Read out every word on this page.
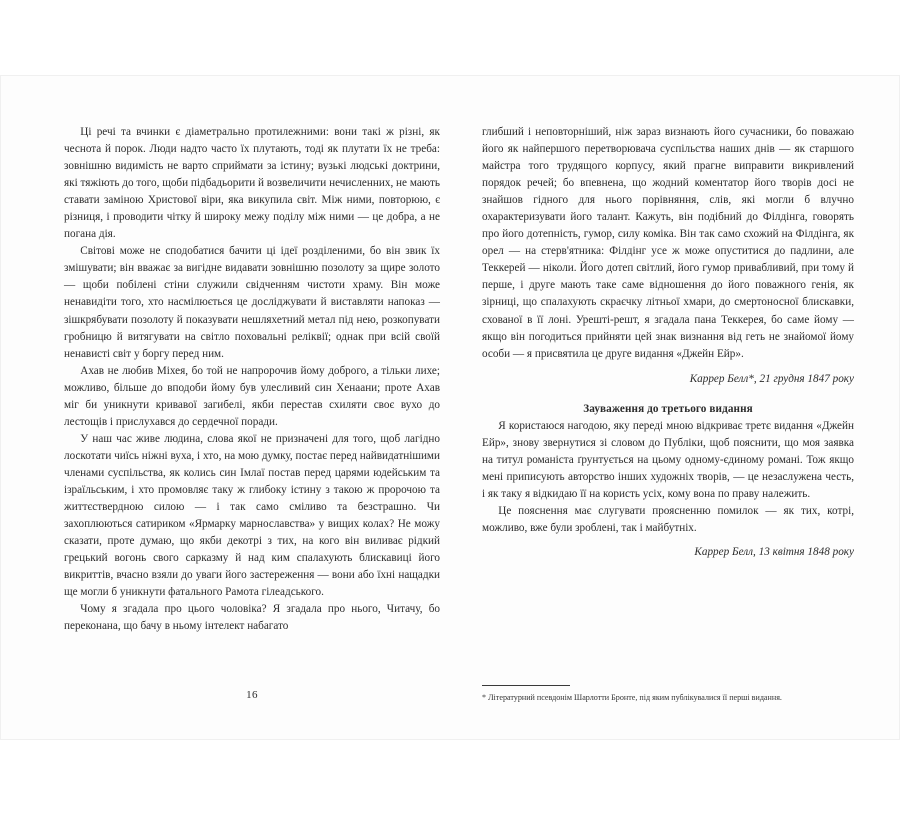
Ці речі та вчинки є діаметрально протилежними: вони такі ж різні, як чеснота й порок. Люди надто часто їх плутають, тоді як плутати їх не треба: зовнішню видимість не варто сприймати за істину; вузькі людські доктрини, які тяжіють до того, щоби підбадьорити й возвеличити нечисленних, не мають ставати заміною Христової віри, яка викупила світ. Між ними, повторюю, є різниця, і проводити чітку й широку межу поділу між ними — це добра, а не погана дія.

Світові може не сподобатися бачити ці ідеї розділеними, бо він звик їх змішувати; він вважає за вигідне видавати зовнішню позолоту за щире золото — щоби побілені стіни служили свідченням чистоти храму. Він може ненавидіти того, хто насмілюється це досліджувати й виставляти напоказ — зішкрябувати позолоту й показувати нешляхетний метал під нею, розкопувати гробницю й витягувати на світло поховальні реліквії; однак при всій своїй ненависті світ у боргу перед ним.

Ахав не любив Міхея, бо той не напророчив йому доброго, а тільки лихе; можливо, більше до вподоби йому був улесливий син Хенаани; проте Ахав міг би уникнути кривавої загибелі, якби перестав схиляти своє вухо до лестощів і прислухався до сердечної поради.

У наш час живе людина, слова якої не призначені для того, щоб лагідно лоскотати чиїсь ніжні вуха, і хто, на мою думку, постає перед найвидатнішими членами суспільства, як колись син Імлаї постав перед царями юдейським та ізраїльським, і хто промовляє таку ж глибоку істину з такою ж пророчою та життєствердною силою — і так само сміливо та безстрашно. Чи захоплюються сатириком «Ярмарку марнославства» у вищих колах? Не можу сказати, проте думаю, що якби декотрі з тих, на кого він виливає рідкий грецький вогонь свого сарказму й над ким спалахують блискавиці його викриттів, вчасно взяли до уваги його застереження — вони або їхні нащадки ще могли б уникнути фатального Рамота гілеадського.

Чому я згадала про цього чоловіка? Я згадала про нього, Читачу, бо переконана, що бачу в ньому інтелект набагато

16

глибший і неповторніший, ніж зараз визнають його сучасники, бо поважаю його як найпершого перетворювача суспільства наших днів — як старшого майстра того трудящого корпусу, який прагне виправити викривлений порядок речей; бо впевнена, що жодний коментатор його творів досі не знайшов гідного для нього порівняння, слів, які могли б влучно охарактеризувати його талант. Кажуть, він подібний до Філдінга, говорять про його дотепність, гумор, силу коміка. Він так само схожий на Філдінга, як орел — на стерв'ятника: Філдінг усе ж може опуститися до падлини, але Теккерей — ніколи. Його дотеп світлий, його гумор привабливий, при тому й перше, і друге мають таке саме відношення до його поважного генія, як зірниці, що спалахують скраєчку літньої хмари, до смертоносної блискавки, схованої в її лоні. Урешті-решт, я згадала пана Теккерея, бо саме йому — якщо він погодиться прийняти цей знак визнання від геть не знайомої йому особи — я присвятила це друге видання «Джейн Ейр».

Каррер Белл*, 21 грудня 1847 року

Зауваження до третього видання

Я користаюся нагодою, яку переді мною відкриває третє видання «Джейн Ейр», знову звернутися зі словом до Публіки, щоб пояснити, що моя заявка на титул романіста ґрунтується на цьому одному-єдиному романі. Тож якщо мені приписують авторство інших художніх творів, — це незаслужена честь, і як таку я відкидаю її на користь усіх, кому вона по праву належить.

Це пояснення має слугувати проясненню помилок — як тих, котрі, можливо, вже були зроблені, так і майбутніх.

Каррер Белл, 13 квітня 1848 року

* Літературний псевдонім Шарлотти Бронте, під яким публікувалися її перші видання.
